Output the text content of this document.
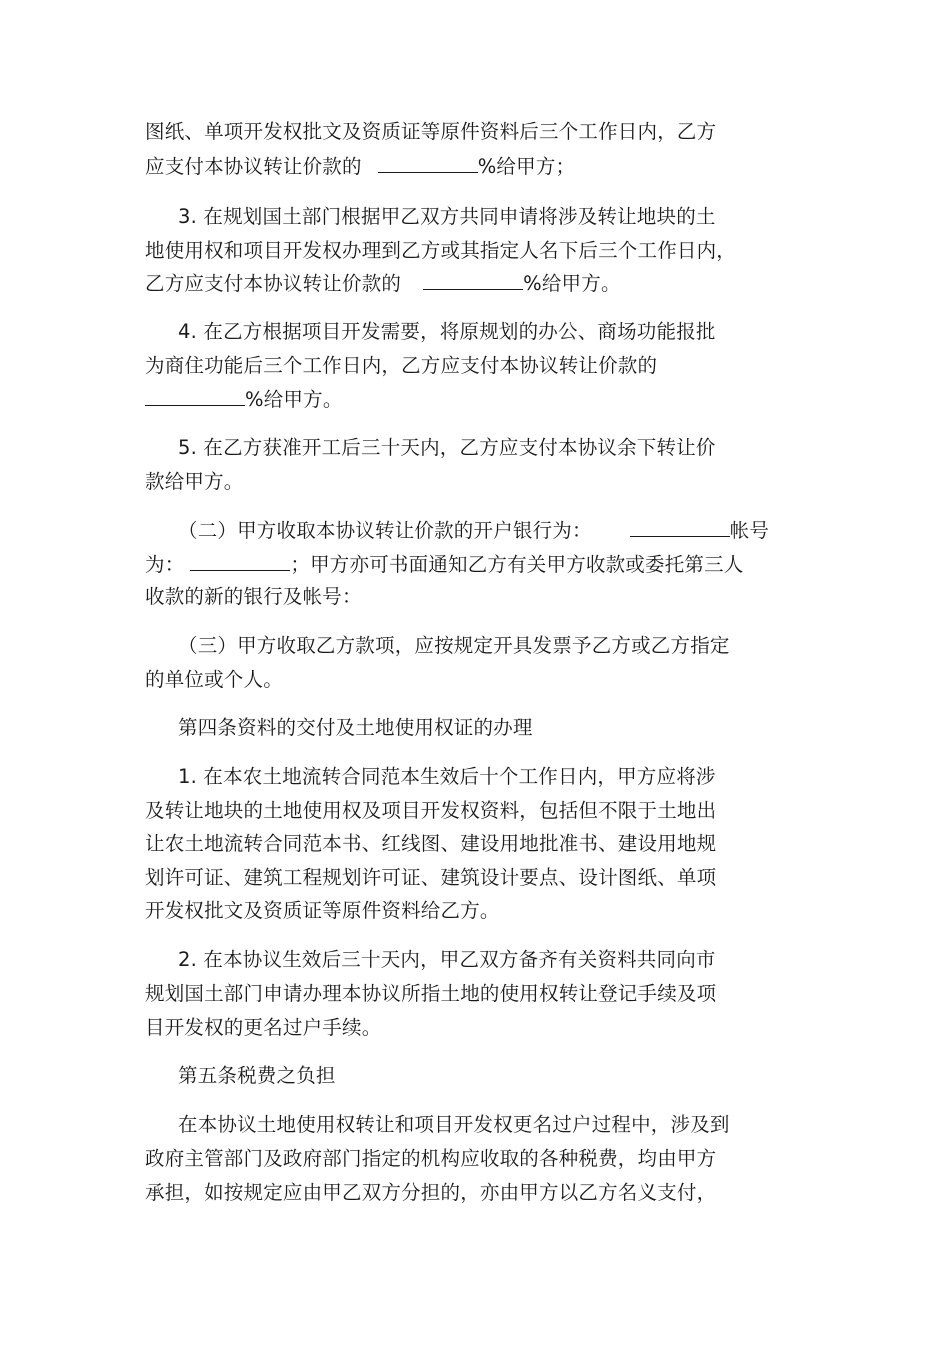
图纸、单项开发权批文及资质证等原件资料后三个工作日内，乙方
应支付本协议转让价款的	%给甲方；
3. 在规划国土部门根据甲乙双方共同申请将涉及转让地块的土
地使用权和项目开发权办理到乙方或其指定人名下后三个工作日内，
乙方应支付本协议转让价款的	%给甲方。
4. 在乙方根据项目开发需要，将原规划的办公、商场功能报批
为商住功能后三个工作日内，乙方应支付本协议转让价款的
%给甲方。
5. 在乙方获准开工后三十天内，乙方应支付本协议余下转让价
款给甲方。
（二）甲方收取本协议转让价款的开户银行为：	帐号
为：	；甲方亦可书面通知乙方有关甲方收款或委托第三人
收款的新的银行及帐号：
（三）甲方收取乙方款项，应按规定开具发票予乙方或乙方指定
的单位或个人。
第四条资料的交付及土地使用权证的办理
1. 在本农土地流转合同范本生效后十个工作日内，甲方应将涉
及转让地块的土地使用权及项目开发权资料，包括但不限于土地出
让农土地流转合同范本书、红线图、建设用地批准书、建设用地规
划许可证、建筑工程规划许可证、建筑设计要点、设计图纸、单项
开发权批文及资质证等原件资料给乙方。
2. 在本协议生效后三十天内，甲乙双方备齐有关资料共同向市
规划国土部门申请办理本协议所指土地的使用权转让登记手续及项
目开发权的更名过户手续。
第五条税费之负担
在本协议土地使用权转让和项目开发权更名过户过程中，涉及到
政府主管部门及政府部门指定的机构应收取的各种税费，均由甲方
承担，如按规定应由甲乙双方分担的，亦由甲方以乙方名义支付，
